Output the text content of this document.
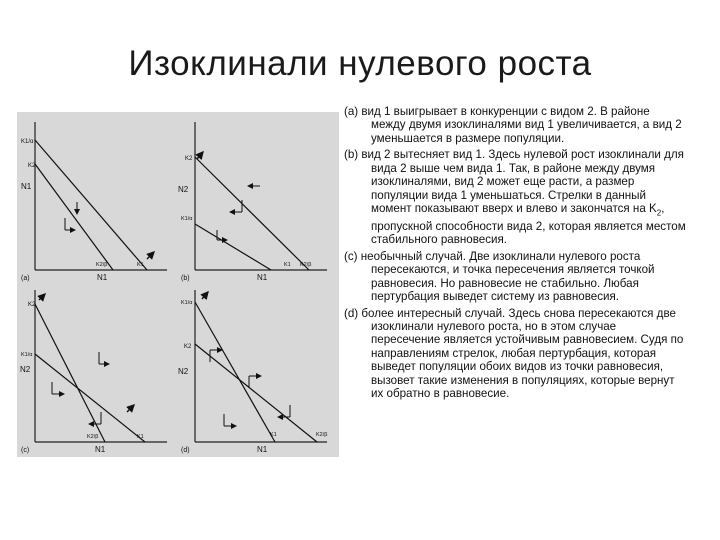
Изоклинали нулевого роста
K1/α
K2
N1
K2/β	K1
N1
(a)
K2
K1/α
N2
K1 K2/β
N1
(b)
K2
K1/α
N2
K2/β	K1
N1
(c)
K1/α
K2
N2
K1	K2/β
N1
(d)

(а) вид 1 выигрывает в конкуренции с видом 2. В районе между двумя изоклиналями вид 1 увеличивается, а вид 2 уменьшается в размере популяции.

(b) вид 2 вытесняет вид 1. Здесь нулевой рост изоклинали для вида 2 выше чем вида 1. Так, в районе между двумя изоклиналями, вид 2 может еще расти, а размер популяции вида 1 уменьшаться. Стрелки в данный момент показывают вверх и влево и закончатся на $K_2$, пропускной способности вида 2, которая является местом стабильного равновесия.

(c) необычный случай. Две изоклинали нулевого роста пересекаются, и точка пересечения является точкой равновесия. Но равновесие не стабильно. Любая пертурбация выведет систему из равновесия.

(d) более интересный случай. Здесь снова пересекаются две изоклинали нулевого роста, но в этом случае пересечение является устойчивым равновесием. Судя по направлениям стрелок, любая пертурбация, которая выведет популяции обоих видов из точки равновесия, вызовет такие изменения в популяциях, которые вернут их обратно в равновесие.
